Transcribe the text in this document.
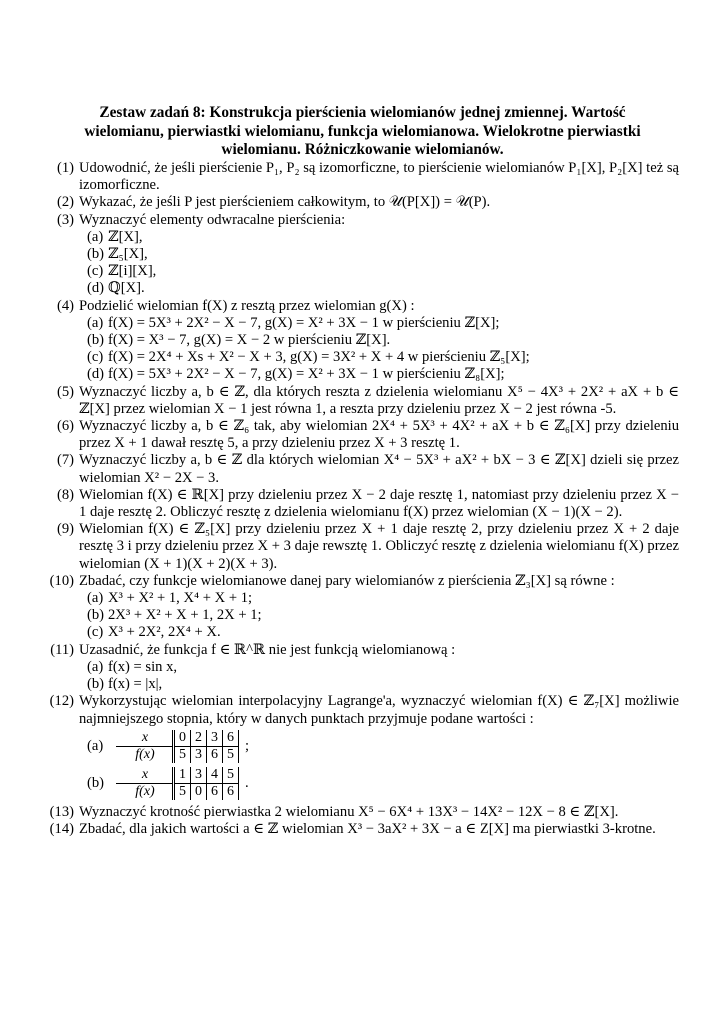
Zestaw zadań 8: Konstrukcja pierścienia wielomianów jednej zmiennej. Wartość
wielomianu, pierwiastki wielomianu, funkcja wielomianowa. Wielokrotne pierwiastki
wielomianu. Różniczkowanie wielomianów.
(1) Udowodnić, że jeśli pierścienie P₁, P₂ są izomorficzne, to pierścienie wielomianów P₁[X], P₂[X] też są izomorficzne.
(2) Wykazać, że jeśli P jest pierścieniem całkowitym, to 𝒰(P[X]) = 𝒰(P).
(3) Wyznaczyć elementy odwracalne pierścienia:
(a) ℤ[X],
(b) ℤ₅[X],
(c) ℤ[i][X],
(d) ℚ[X].
(4) Podzielić wielomian f(X) z resztą przez wielomian g(X) :
(a) f(X) = 5X³ + 2X² − X − 7, g(X) = X² + 3X − 1 w pierścieniu ℤ[X];
(b) f(X) = X³ − 7, g(X) = X − 2 w pierścieniu ℤ[X].
(c) f(X) = 2X⁴ + Xs + X² − X + 3, g(X) = 3X² + X + 4 w pierścieniu ℤ₅[X];
(d) f(X) = 5X³ + 2X² − X − 7, g(X) = X² + 3X − 1 w pierścieniu ℤ₈[X];
(5) Wyznaczyć liczby a, b ∈ ℤ, dla których reszta z dzielenia wielomianu X⁵ − 4X³ + 2X² + aX + b ∈ ℤ[X] przez wielomian X − 1 jest równa 1, a reszta przy dzieleniu przez X − 2 jest równa -5.
(6) Wyznaczyć liczby a, b ∈ ℤ₆ tak, aby wielomian 2X⁴ + 5X³ + 4X² + aX + b ∈ ℤ₆[X] przy dzieleniu przez X + 1 dawał resztę 5, a przy dzieleniu przez X + 3 resztę 1.
(7) Wyznaczyć liczby a, b ∈ ℤ dla których wielomian X⁴ − 5X³ + aX² + bX − 3 ∈ ℤ[X] dzieli się przez wielomian X² − 2X − 3.
(8) Wielomian f(X) ∈ ℝ[X] przy dzieleniu przez X − 2 daje resztę 1, natomiast przy dzieleniu przez X − 1 daje resztę 2. Obliczyć resztę z dzielenia wielomianu f(X) przez wielomian (X − 1)(X − 2).
(9) Wielomian f(X) ∈ ℤ₅[X] przy dzieleniu przez X + 1 daje resztę 2, przy dzieleniu przez X + 2 daje resztę 3 i przy dzieleniu przez X + 3 daje rewsztę 1. Obliczyć resztę z dzielenia wielomianu f(X) przez wielomian (X + 1)(X + 2)(X + 3).
(10) Zbadać, czy funkcje wielomianowe danej pary wielomianów z pierścienia ℤ₃[X] są równe :
(a) X³ + X² + 1, X⁴ + X + 1;
(b) 2X³ + X² + X + 1, 2X + 1;
(c) X³ + 2X², 2X⁴ + X.
(11) Uzasadnić, że funkcja f ∈ ℝ^ℝ nie jest funkcją wielomianową :
(a) f(x) = sin x,
(b) f(x) = |x|,
(12) Wykorzystując wielomian interpolacyjny Lagrange'a, wyznaczyć wielomian f(X) ∈ ℤ₇[X] możliwie najmniejszego stopnia, który w danych punktach przyjmuje podane wartości :
(a)
x	0	2	3	6
f(x)	5	3	6	5
;
(b)
x	1	3	4	5
f(x)	5	0	6	6
.
(13) Wyznaczyć krotność pierwiastka 2 wielomianu X⁵ − 6X⁴ + 13X³ − 14X² − 12X − 8 ∈ ℤ[X].
(14) Zbadać, dla jakich wartości a ∈ ℤ wielomian X³ − 3aX² + 3X − a ∈ Z[X] ma pierwiastki 3-krotne.
